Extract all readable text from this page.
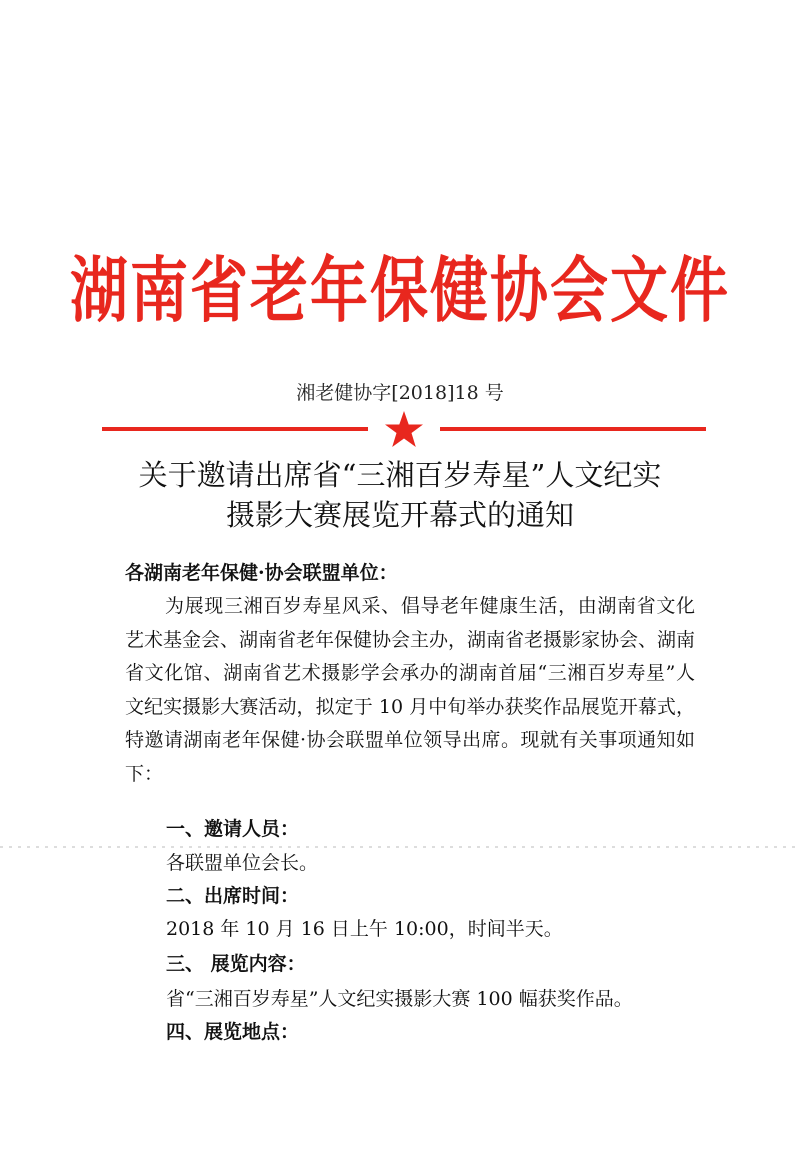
湖南省老年保健协会文件
湘老健协字[2018]18 号
关于邀请出席省“三湘百岁寿星”人文纪实
摄影大赛展览开幕式的通知
各湖南老年保健·协会联盟单位：
为展现三湘百岁寿星风采、倡导老年健康生活，由湖南省文化艺术基金会、湖南省老年保健协会主办，湖南省老摄影家协会、湖南省文化馆、湖南省艺术摄影学会承办的湖南首届“三湘百岁寿星”人文纪实摄影大赛活动，拟定于 10 月中旬举办获奖作品展览开幕式，特邀请湖南老年保健·协会联盟单位领导出席。现就有关事项通知如下：
一、邀请人员：
各联盟单位会长。
二、出席时间：
2018 年 10 月 16 日上午 10:00，时间半天。
三、 展览内容：
省“三湘百岁寿星”人文纪实摄影大赛 100 幅获奖作品。
四、展览地点：
